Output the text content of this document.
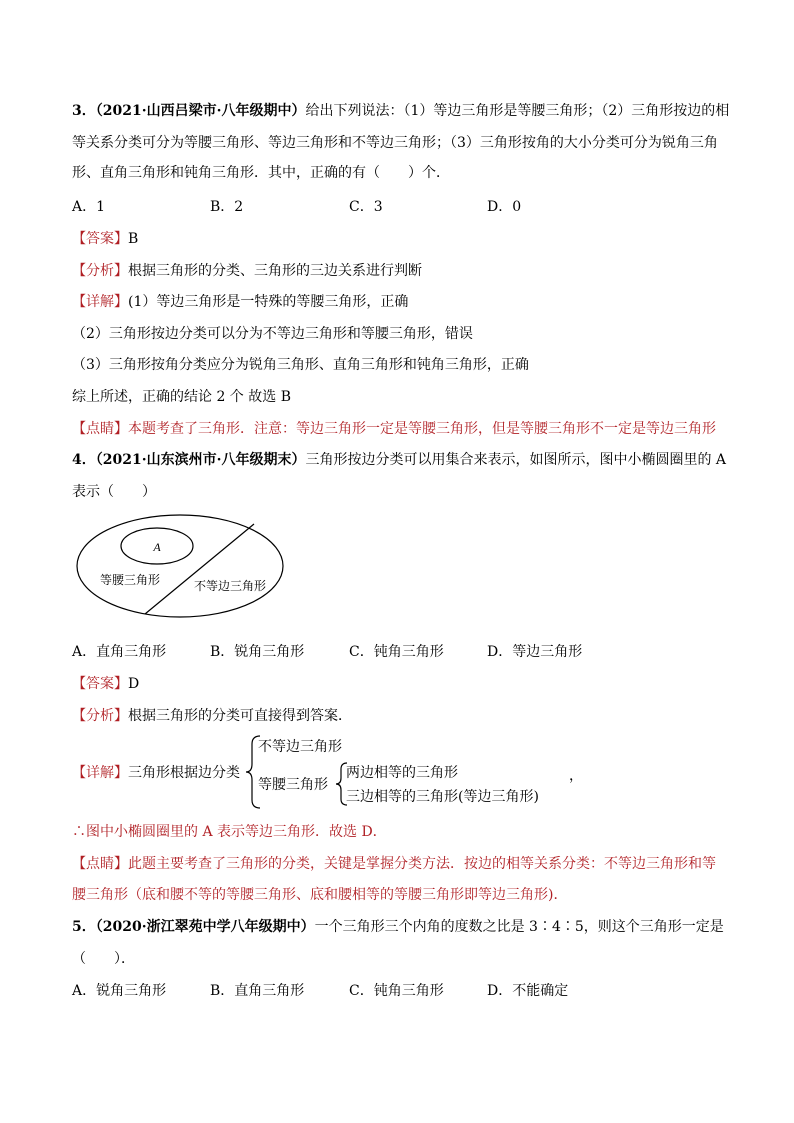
3．（2021·山西吕梁市·八年级期中）给出下列说法：（1）等边三角形是等腰三角形；（2）三角形按边的相
等关系分类可分为等腰三角形、等边三角形和不等边三角形；（3）三角形按角的大小分类可分为锐角三角
形、直角三角形和钝角三角形．其中，正确的有（　　）个．
A．1	B．2	C．3	D．0
【答案】B
【分析】根据三角形的分类、三角形的三边关系进行判断
【详解】(1）等边三角形是一特殊的等腰三角形，正确
（2）三角形按边分类可以分为不等边三角形和等腰三角形，错误
（3）三角形按角分类应分为锐角三角形、直角三角形和钝角三角形，正确
综上所述，正确的结论 2 个 故选 B
【点睛】本题考查了三角形．注意：等边三角形一定是等腰三角形，但是等腰三角形不一定是等边三角形
4．（2021·山东滨州市·八年级期末）三角形按边分类可以用集合来表示，如图所示，图中小椭圆圈里的 A
表示（　　）
A
等腰三角形	不等边三角形
A．直角三角形	B．锐角三角形	C．钝角三角形	D．等边三角形
【答案】D
【分析】根据三角形的分类可直接得到答案．
【详解】三角形根据边分类
不等边三角形
等腰三角形
两边相等的三角形
三边相等的三角形(等边三角形)
，
∴图中小椭圆圈里的 A 表示等边三角形．故选 D．
【点睛】此题主要考查了三角形的分类，关键是掌握分类方法．按边的相等关系分类：不等边三角形和等
腰三角形（底和腰不等的等腰三角形、底和腰相等的等腰三角形即等边三角形)．
5．（2020·浙江翠苑中学八年级期中）一个三角形三个内角的度数之比是 3∶4∶5，则这个三角形一定是
（　　）．
A．锐角三角形	B．直角三角形	C．钝角三角形	D．不能确定
